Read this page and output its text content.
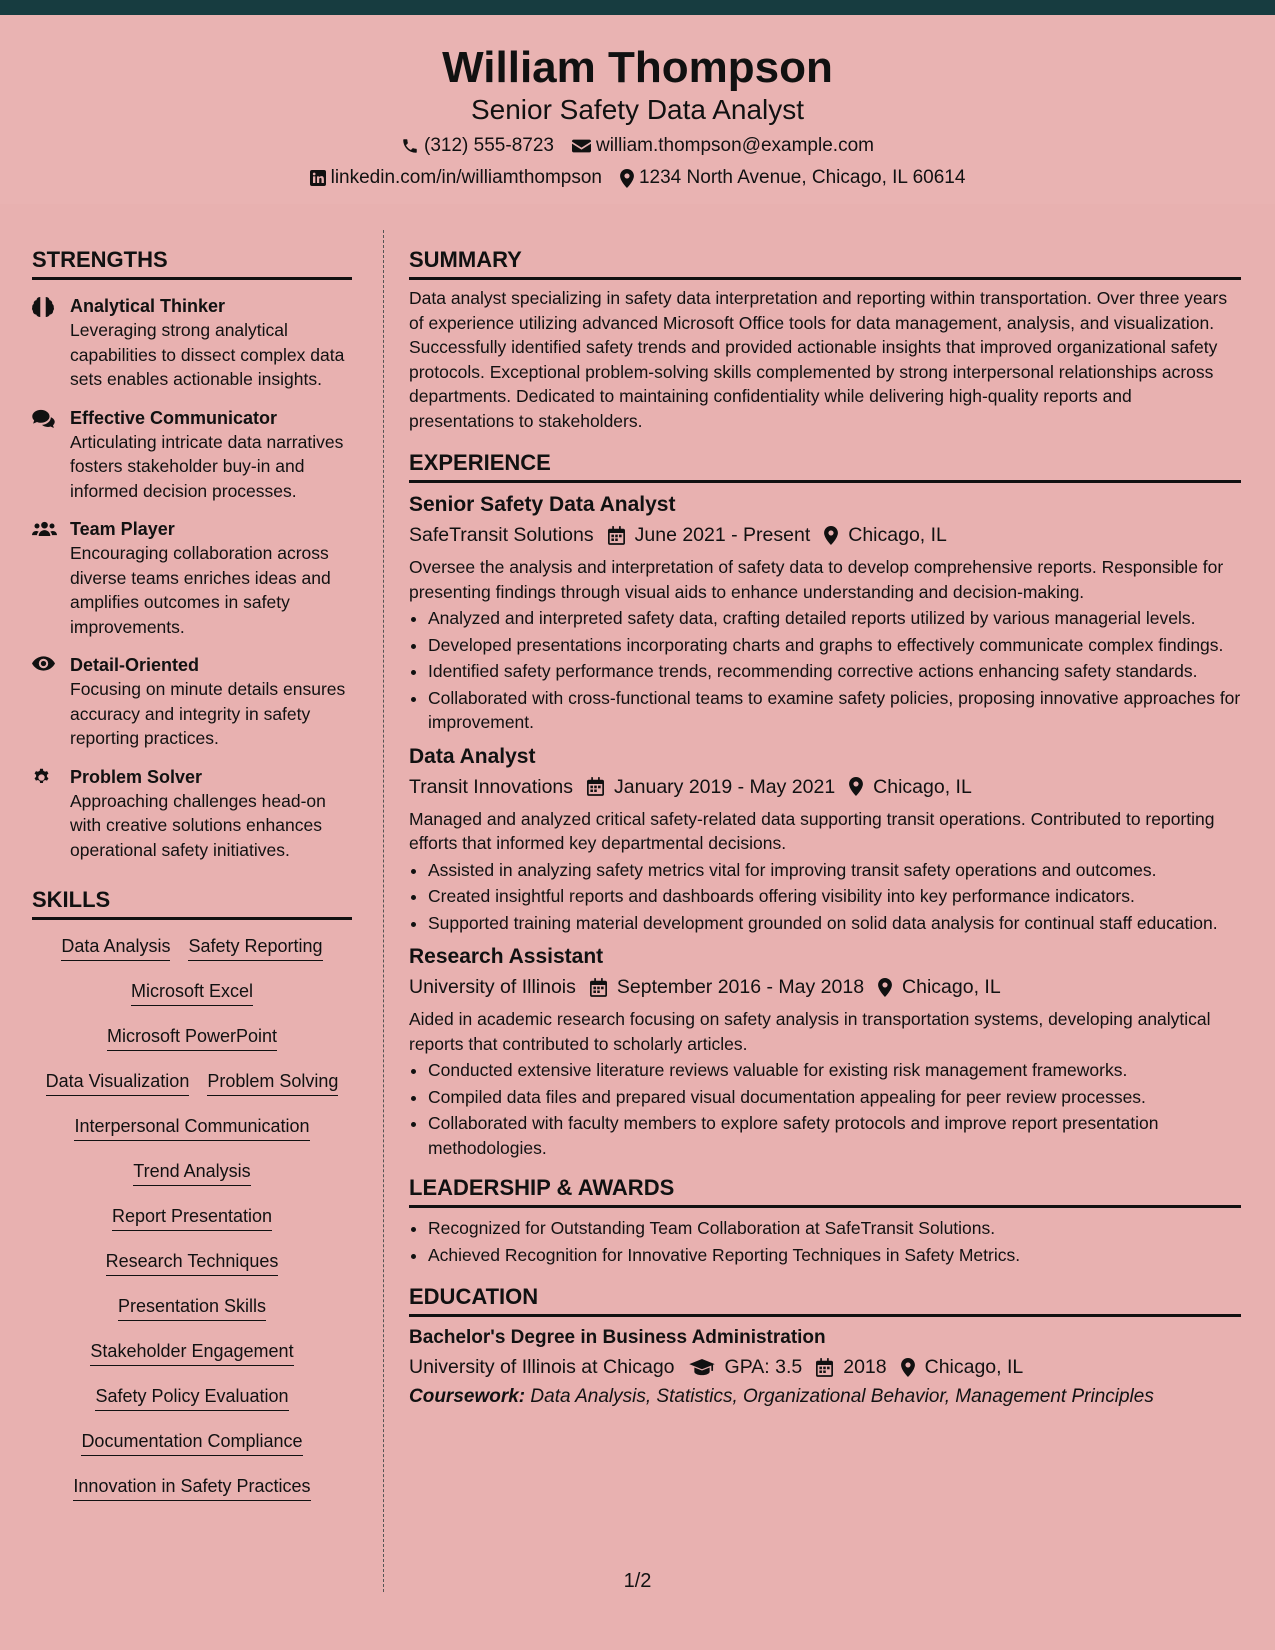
William Thompson
Senior Safety Data Analyst
(312) 555-8723 william.thompson@example.com
linkedin.com/in/williamthompson 1234 North Avenue, Chicago, IL 60614
STRENGTHS
Analytical Thinker
Leveraging strong analytical capabilities to dissect complex data sets enables actionable insights.
Effective Communicator
Articulating intricate data narratives fosters stakeholder buy-in and informed decision processes.
Team Player
Encouraging collaboration across diverse teams enriches ideas and amplifies outcomes in safety improvements.
Detail-Oriented
Focusing on minute details ensures accuracy and integrity in safety reporting practices.
Problem Solver
Approaching challenges head-on with creative solutions enhances operational safety initiatives.
SKILLS
Data Analysis Safety Reporting
Microsoft Excel
Microsoft PowerPoint
Data Visualization Problem Solving
Interpersonal Communication
Trend Analysis
Report Presentation
Research Techniques
Presentation Skills
Stakeholder Engagement
Safety Policy Evaluation
Documentation Compliance
Innovation in Safety Practices
SUMMARY

Data analyst specializing in safety data interpretation and reporting within transportation. Over three years of experience utilizing advanced Microsoft Office tools for data management, analysis, and visualization. Successfully identified safety trends and provided actionable insights that improved organizational safety protocols. Exceptional problem-solving skills complemented by strong interpersonal relationships across departments. Dedicated to maintaining confidentiality while delivering high-quality reports and presentations to stakeholders.

EXPERIENCE
Senior Safety Data Analyst
SafeTransit Solutions June 2021 - Present Chicago, IL

Oversee the analysis and interpretation of safety data to develop comprehensive reports. Responsible for presenting findings through visual aids to enhance understanding and decision-making.

• Analyzed and interpreted safety data, crafting detailed reports utilized by various managerial levels.
• Developed presentations incorporating charts and graphs to effectively communicate complex findings.
• Identified safety performance trends, recommending corrective actions enhancing safety standards.
• Collaborated with cross-functional teams to examine safety policies, proposing innovative approaches for improvement.
Data Analyst
Transit Innovations January 2019 - May 2021 Chicago, IL

Managed and analyzed critical safety-related data supporting transit operations. Contributed to reporting efforts that informed key departmental decisions.

• Assisted in analyzing safety metrics vital for improving transit safety operations and outcomes.
• Created insightful reports and dashboards offering visibility into key performance indicators.
• Supported training material development grounded on solid data analysis for continual staff education.
Research Assistant
University of Illinois September 2016 - May 2018 Chicago, IL

Aided in academic research focusing on safety analysis in transportation systems, developing analytical reports that contributed to scholarly articles.

• Conducted extensive literature reviews valuable for existing risk management frameworks.
• Compiled data files and prepared visual documentation appealing for peer review processes.
• Collaborated with faculty members to explore safety protocols and improve report presentation methodologies.
LEADERSHIP & AWARDS
• Recognized for Outstanding Team Collaboration at SafeTransit Solutions.
• Achieved Recognition for Innovative Reporting Techniques in Safety Metrics.
EDUCATION
Bachelor's Degree in Business Administration
University of Illinois at Chicago	GPA: 3.5 2018 Chicago, IL
Coursework: Data Analysis, Statistics, Organizational Behavior, Management Principles
1/2
